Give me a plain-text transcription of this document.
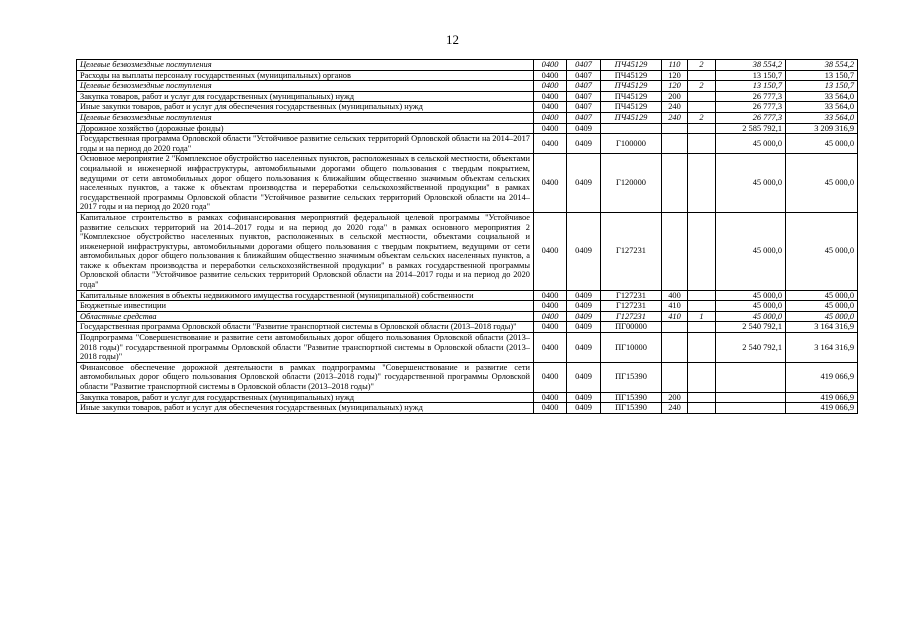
12
Целевые безвозмездные поступления	0400	0407	ПЧ45129	110	2	38 554,2	38 554,2
Расходы на выплаты персоналу государственных (муниципальных) органов	0400	0407	ПЧ45129	120		13 150,7	13 150,7
Целевые безвозмездные поступления	0400	0407	ПЧ45129	120	2	13 150,7	13 150,7
Закупка товаров, работ и услуг для государственных (муниципальных) нужд	0400	0407	ПЧ45129	200		26 777,3	33 564,0
Иные закупки товаров, работ и услуг для обеспечения государственных (муниципальных) нужд	0400	0407	ПЧ45129	240		26 777,3	33 564,0
Целевые безвозмездные поступления	0400	0407	ПЧ45129	240	2	26 777,3	33 564,0
Дорожное хозяйство (дорожные фонды)	0400	0409				2 585 792,1	3 209 316,9
Государственная программа Орловской области "Устойчивое развитие сельских территорий Орловской области на 2014–2017 годы и на период до 2020 года"	0400	0409	Г100000			45 000,0	45 000,0
Основное мероприятие 2 "Комплексное обустройство населенных пунктов, расположенных в сельской местности, объектами социальной и инженерной инфраструктуры, автомобильными дорогами общего пользования с твердым покрытием, ведущими от сети автомобильных дорог общего пользования к ближайшим общественно значимым объектам сельских населенных пунктов, а также к объектам производства и переработки сельскохозяйственной продукции" в рамках государственной программы Орловской области "Устойчивое развитие сельских территорий Орловской области на 2014–2017 годы и на период до 2020 года"	0400	0409	Г120000			45 000,0	45 000,0
Капитальное строительство в рамках софинансирования мероприятий федеральной целевой программы "Устойчивое развитие сельских территорий на 2014–2017 годы и на период до 2020 года" в рамках основного мероприятия 2 "Комплексное обустройство населенных пунктов, расположенных в сельской местности, объектами социальной и инженерной инфраструктуры, автомобильными дорогами общего пользования с твердым покрытием, ведущими от сети автомобильных дорог общего пользования к ближайшим общественно значимым объектам сельских населенных пунктов, а также к объектам производства и переработки сельскохозяйственной продукции" в рамках государственной программы Орловской области "Устойчивое развитие сельских территорий Орловской области на 2014–2017 годы и на период до 2020 года"	0400	0409	Г127231			45 000,0	45 000,0
Капитальные вложения в объекты недвижимого имущества государственной (муниципальной) собственности	0400	0409	Г127231	400		45 000,0	45 000,0
Бюджетные инвестиции	0400	0409	Г127231	410		45 000,0	45 000,0
Областные средства	0400	0409	Г127231	410	1	45 000,0	45 000,0
Государственная программа Орловской области "Развитие транспортной системы в Орловской области (2013–2018 годы)"	0400	0409	ПГ00000			2 540 792,1	3 164 316,9
Подпрограмма "Совершенствование и развитие сети автомобильных дорог общего пользования Орловской области (2013–2018 годы)" государственной программы Орловской области "Развитие транспортной системы в Орловской области (2013–2018 годы)"	0400	0409	ПГ10000			2 540 792,1	3 164 316,9
Финансовое обеспечение дорожной деятельности в рамках подпрограммы "Совершенствование и развитие сети автомобильных дорог общего пользования Орловской области (2013–2018 годы)" государственной программы Орловской области "Развитие транспортной системы в Орловской области (2013–2018 годы)"	0400	0409	ПГ15390				419 066,9
Закупка товаров, работ и услуг для государственных (муниципальных) нужд	0400	0409	ПГ15390	200			419 066,9
Иные закупки товаров, работ и услуг для обеспечения государственных (муниципальных) нужд	0400	0409	ПГ15390	240			419 066,9
